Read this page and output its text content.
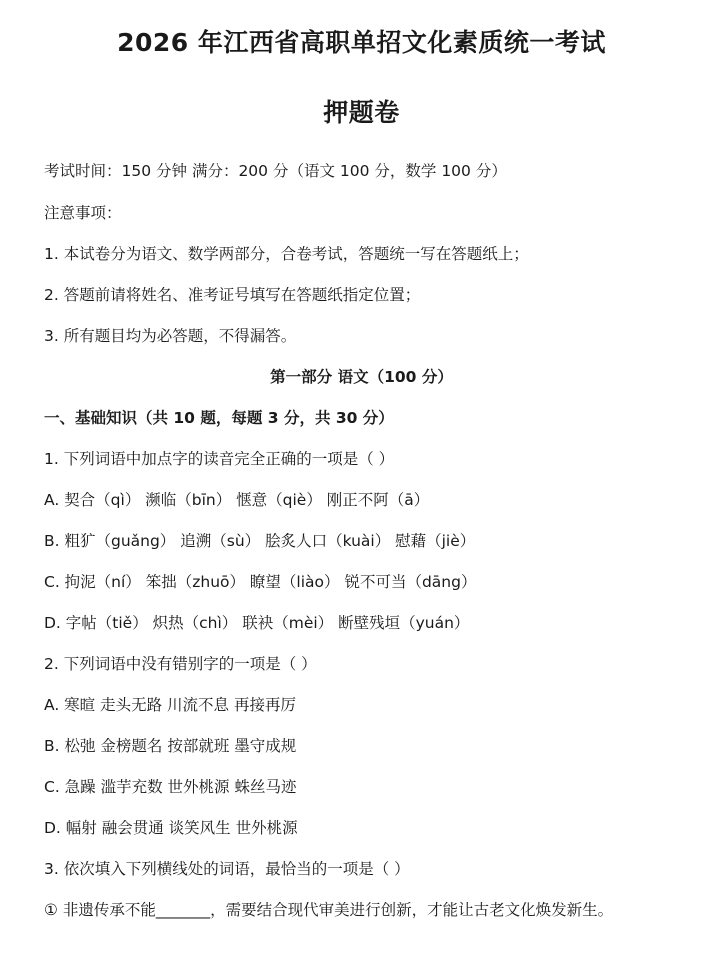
2026 年江西省高职单招文化素质统一考试
押题卷
考试时间：150 分钟 满分：200 分（语文 100 分，数学 100 分）
注意事项：
1. 本试卷分为语文、数学两部分，合卷考试，答题统一写在答题纸上；
2. 答题前请将姓名、准考证号填写在答题纸指定位置；
3. 所有题目均为必答题，不得漏答。
第一部分 语文（100 分）
一、基础知识（共 10 题，每题 3 分，共 30 分）
1. 下列词语中加点字的读音完全正确的一项是（ ）
A. 契合（qì） 濒临（bīn） 惬意（qiè） 刚正不阿（ā）
B. 粗犷（guǎng） 追溯（sù） 脍炙人口（kuài） 慰藉（jiè）
C. 拘泥（ní） 笨拙（zhuō） 瞭望（liào） 锐不可当（dāng）
D. 字帖（tiě） 炽热（chì） 联袂（mèi） 断壁残垣（yuán）
2. 下列词语中没有错别字的一项是（ ）
A. 寒暄 走头无路 川流不息 再接再厉
B. 松弛 金榜题名 按部就班 墨守成规
C. 急躁 滥芋充数 世外桃源 蛛丝马迹
D. 幅射 融会贯通 谈笑风生 世外桃源
3. 依次填入下列横线处的词语，最恰当的一项是（ ）
① 非遗传承不能_______，需要结合现代审美进行创新，才能让古老文化焕发新生。
